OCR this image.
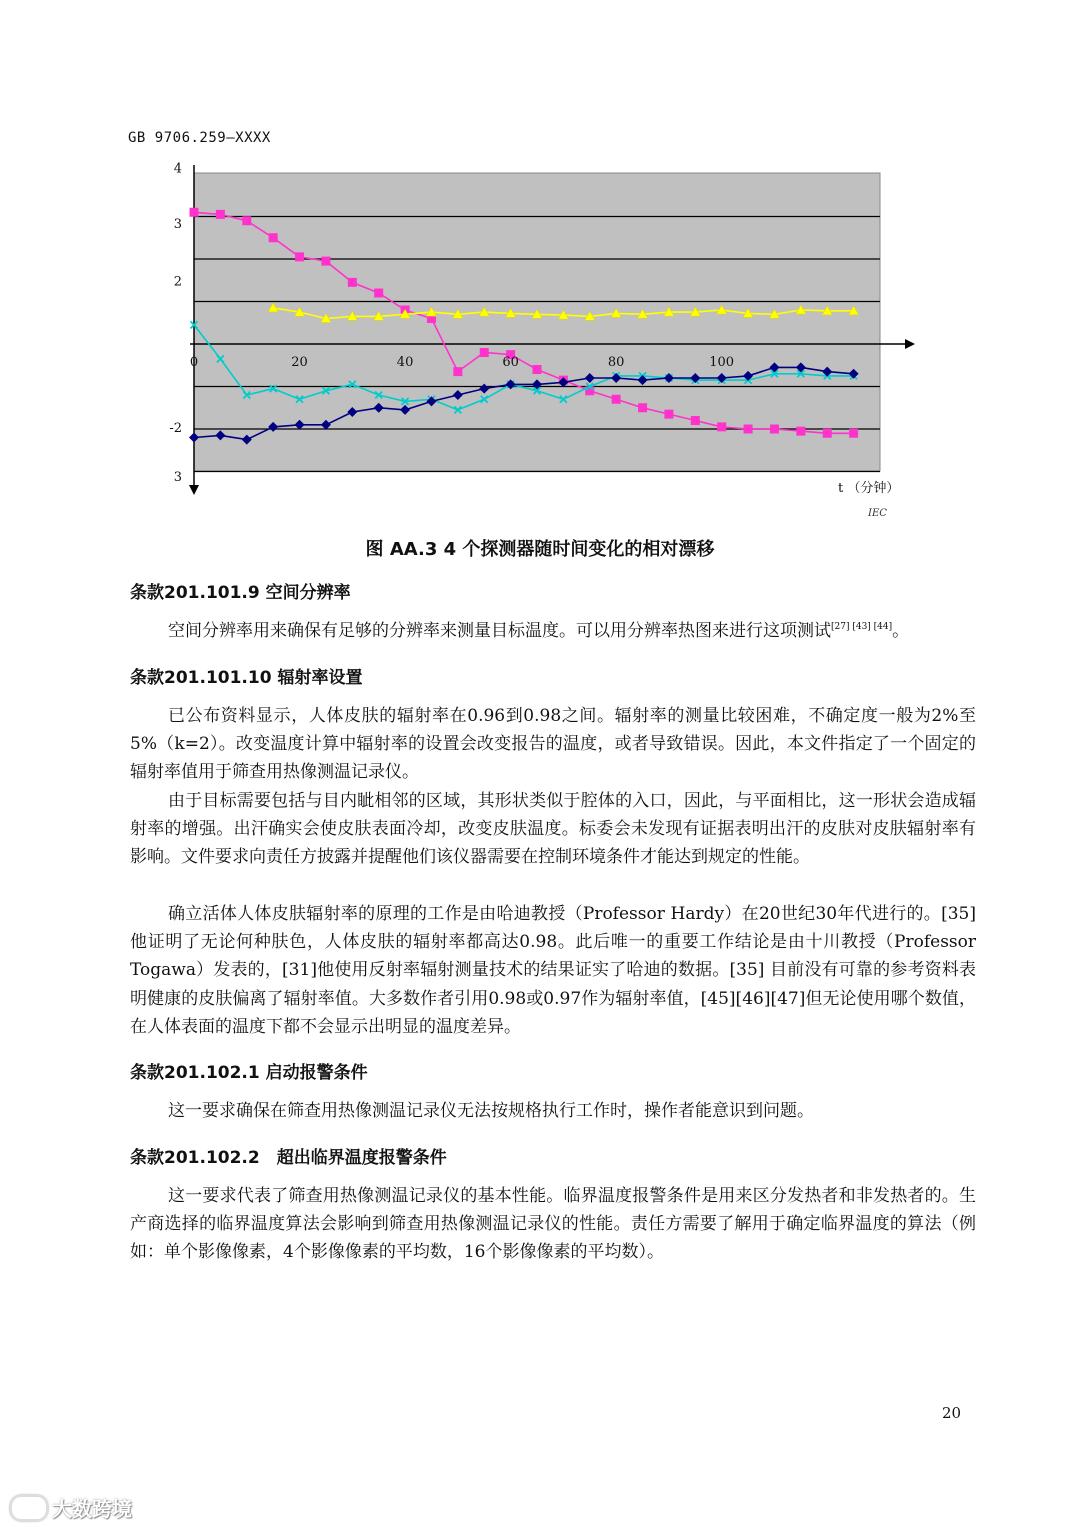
GB 9706.259—XXXX
0	20	40	60	80	100
4
3
2
-2
3
t （分钟）
IEC
图 AA.3 4 个探测器随时间变化的相对漂移
条款201.101.9 空间分辨率

空间分辨率用来确保有足够的分辨率来测量目标温度。可以用分辨率热图来进行这项测试[27] [43] [44]。

条款201.101.10 辐射率设置

已公布资料显示，人体皮肤的辐射率在0.96到0.98之间。辐射率的测量比较困难，不确定度一般为2%至5%（k=2）。改变温度计算中辐射率的设置会改变报告的温度，或者导致错误。因此，本文件指定了一个固定的辐射率值用于筛查用热像测温记录仪。

由于目标需要包括与目内眦相邻的区域，其形状类似于腔体的入口，因此，与平面相比，这一形状会造成辐射率的增强。出汗确实会使皮肤表面冷却，改变皮肤温度。标委会未发现有证据表明出汗的皮肤对皮肤辐射率有影响。文件要求向责任方披露并提醒他们该仪器需要在控制环境条件才能达到规定的性能。

确立活体人体皮肤辐射率的原理的工作是由哈迪教授（Professor Hardy）在20世纪30年代进行的。[35]　他证明了无论何种肤色，人体皮肤的辐射率都高达0.98。此后唯一的重要工作结论是由十川教授（Professor Togawa）发表的，[31]他使用反射率辐射测量技术的结果证实了哈迪的数据。[35] 目前没有可靠的参考资料表明健康的皮肤偏离了辐射率值。大多数作者引用0.98或0.97作为辐射率值，[45][46][47]但无论使用哪个数值，在人体表面的温度下都不会显示出明显的温度差异。

条款201.102.1 启动报警条件

这一要求确保在筛查用热像测温记录仪无法按规格执行工作时，操作者能意识到问题。

条款201.102.2　超出临界温度报警条件

这一要求代表了筛查用热像测温记录仪的基本性能。临界温度报警条件是用来区分发热者和非发热者的。生产商选择的临界温度算法会影响到筛查用热像测温记录仪的性能。责任方需要了解用于确定临界温度的算法（例如：单个影像像素，4个影像像素的平均数，16个影像像素的平均数）。

20
大数跨境
